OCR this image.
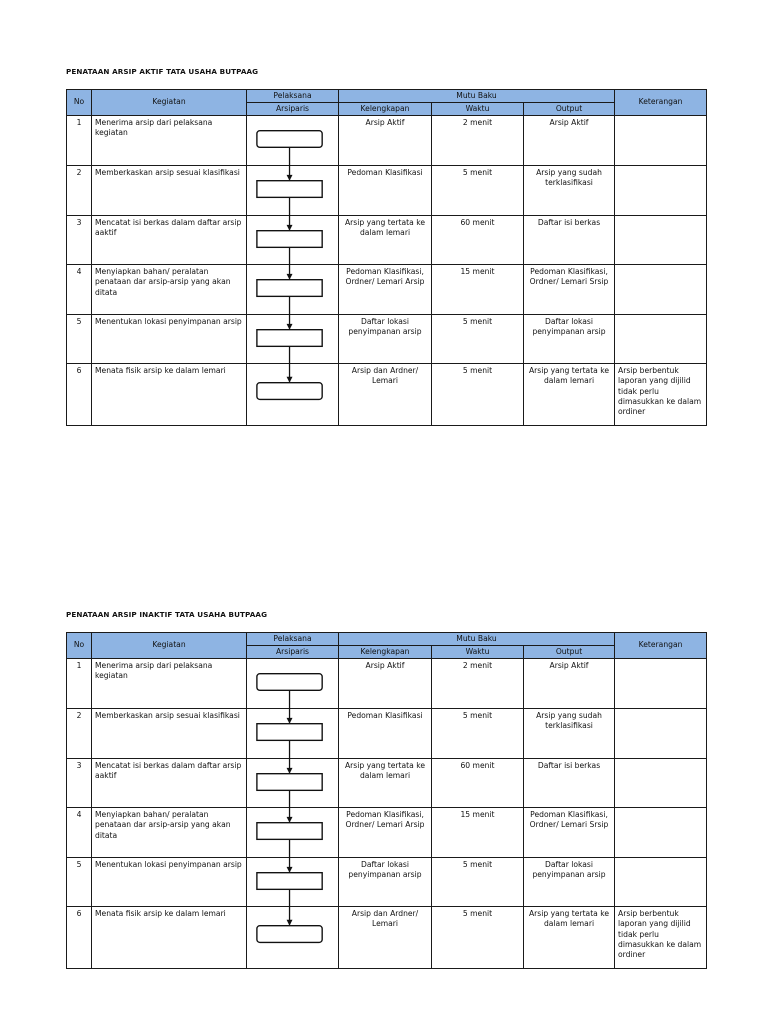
PENATAAN ARSIP AKTIF TATA USAHA BUTPAAG
No	Kegiatan	Pelaksana	Mutu Baku			Keterangan
		Arsiparis	Kelengkapan	Waktu	Output	
1	Menerima arsip dari pelaksana kegiatan		Arsip Aktif	2 menit	Arsip Aktif	
2	Memberkaskan arsip sesuai klasifikasi		Pedoman Klasifikasi	5 menit	Arsip yang sudah terklasifikasi	
3	Mencatat isi berkas dalam daftar arsip aaktif		Arsip yang tertata ke dalam lemari	60 menit	Daftar isi berkas	
4	Menyiapkan bahan/ peralatan penataan dar arsip-arsip yang akan ditata		Pedoman Klasifikasi, Ordner/ Lemari Arsip	15 menit	Pedoman Klasifikasi, Ordner/ Lemari Srsip	
5	Menentukan lokasi penyimpanan arsip		Daftar lokasi penyimpanan arsip	5 menit	Daftar lokasi penyimpanan arsip	
6	Menata fisik arsip ke dalam lemari		Arsip dan Ardner/ Lemari	5 menit	Arsip yang tertata ke dalam lemari	Arsip berbentuk laporan yang dijilid tidak perlu dimasukkan ke dalam ordiner
PENATAAN ARSIP INAKTIF TATA USAHA BUTPAAG
No	Kegiatan	Pelaksana	Mutu Baku			Keterangan
		Arsiparis	Kelengkapan	Waktu	Output	
1	Menerima arsip dari pelaksana kegiatan		Arsip Aktif	2 menit	Arsip Aktif	
2	Memberkaskan arsip sesuai klasifikasi		Pedoman Klasifikasi	5 menit	Arsip yang sudah terklasifikasi	
3	Mencatat isi berkas dalam daftar arsip aaktif		Arsip yang tertata ke dalam lemari	60 menit	Daftar isi berkas	
4	Menyiapkan bahan/ peralatan penataan dar arsip-arsip yang akan ditata		Pedoman Klasifikasi, Ordner/ Lemari Arsip	15 menit	Pedoman Klasifikasi, Ordner/ Lemari Srsip	
5	Menentukan lokasi penyimpanan arsip		Daftar lokasi penyimpanan arsip	5 menit	Daftar lokasi penyimpanan arsip	
6	Menata fisik arsip ke dalam lemari		Arsip dan Ardner/ Lemari	5 menit	Arsip yang tertata ke dalam lemari	Arsip berbentuk laporan yang dijilid tidak perlu dimasukkan ke dalam ordiner
